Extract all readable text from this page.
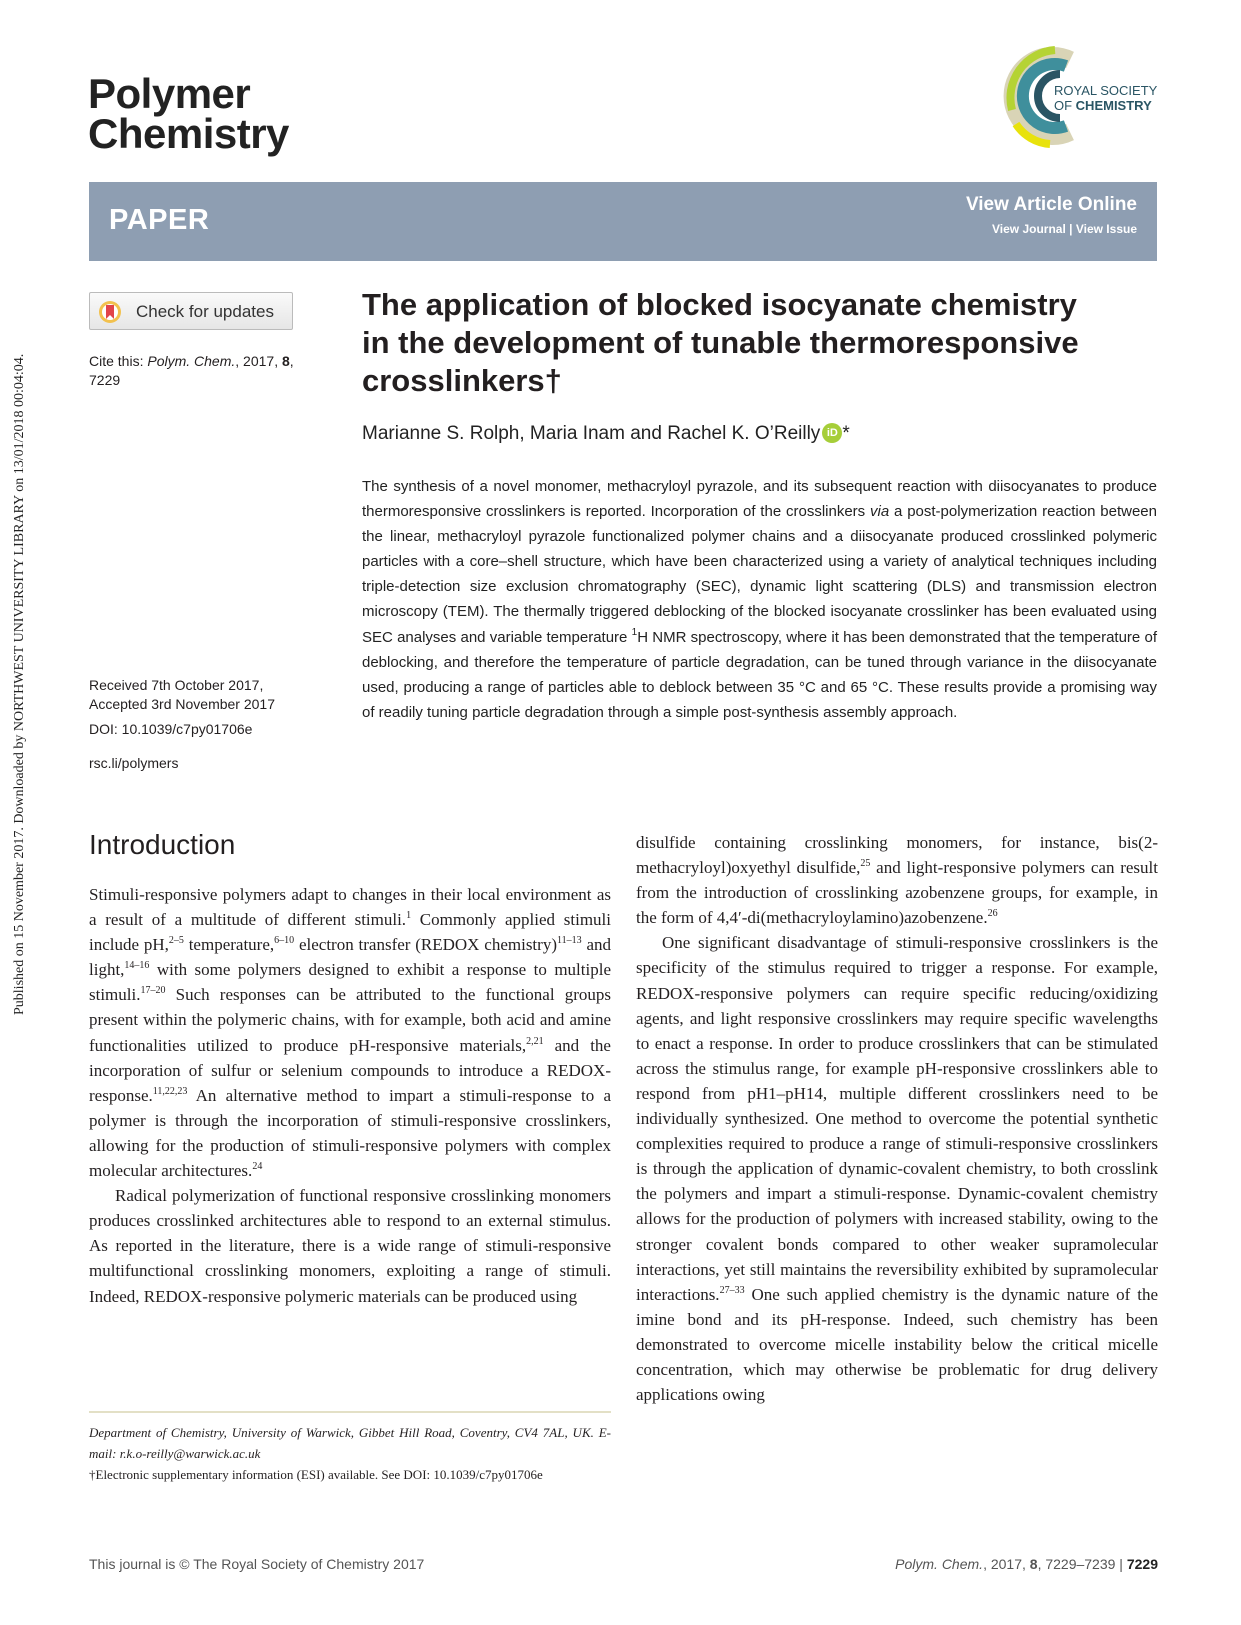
Published on 15 November 2017. Downloaded by NORTHWEST UNIVERSITY LIBRARY on 13/01/2018 00:04:04.
Polymer
Chemistry
ROYAL SOCIETY
OF CHEMISTRY
PAPER	View Article Online
View Journal | View Issue
Check for updates
Cite this: Polym. Chem., 2017, 8,
7229
Received 7th October 2017,
Accepted 3rd November 2017
DOI: 10.1039/c7py01706e
rsc.li/polymers
The application of blocked isocyanate chemistry
in the development of tunable thermoresponsive
crosslinkers†
Marianne S. Rolph, Maria Inam and Rachel K. O’Reilly iD *
The synthesis of a novel monomer, methacryloyl pyrazole, and its subsequent reaction with diisocyanates to produce thermoresponsive crosslinkers is reported. Incorporation of the crosslinkers via a post-polymerization reaction between the linear, methacryloyl pyrazole functionalized polymer chains and a diisocyanate produced crosslinked polymeric particles with a core–shell structure, which have been characterized using a variety of analytical techniques including triple-detection size exclusion chromatography (SEC), dynamic light scattering (DLS) and transmission electron microscopy (TEM). The thermally triggered deblocking of the blocked isocyanate crosslinker has been evaluated using SEC analyses and variable temperature $^1$H NMR spectroscopy, where it has been demonstrated that the temperature of deblocking, and therefore the temperature of particle degradation, can be tuned through variance in the diisocyanate used, producing a range of particles able to deblock between 35 °C and 65 °C. These results provide a promising way of readily tuning particle degradation through a simple post-synthesis assembly approach.
Introduction

Stimuli-responsive polymers adapt to changes in their local environment as a result of a multitude of different stimuli.$^1$ Commonly applied stimuli include pH,$^{2-5}$ temperature,$^{6-10}$ electron transfer (REDOX chemistry)$^{11-13}$ and light,$^{14-16}$ with some polymers designed to exhibit a response to multiple stimuli.$^{17-20}$ Such responses can be attributed to the functional groups present within the polymeric chains, with for example, both acid and amine functionalities utilized to produce pH-responsive materials,$^{2,21}$ and the incorporation of sulfur or selenium compounds to introduce a REDOX-response.$^{11,22,23}$ An alternative method to impart a stimuli-response to a polymer is through the incorporation of stimuli-responsive crosslinkers, allowing for the production of stimuli-responsive polymers with complex molecular architectures.$^{24}$

Radical polymerization of functional responsive crosslinking monomers produces crosslinked architectures able to respond to an external stimulus. As reported in the literature, there is a wide range of stimuli-responsive multifunctional crosslinking monomers, exploiting a range of stimuli. Indeed, REDOX-responsive polymeric materials can be produced using

disulfide containing crosslinking monomers, for instance, bis(2-methacryloyl)oxyethyl disulfide,$^{25}$ and light-responsive polymers can result from the introduction of crosslinking azobenzene groups, for example, in the form of 4,4′-di(methacryloylamino)azobenzene.$^{26}$

One significant disadvantage of stimuli-responsive crosslinkers is the specificity of the stimulus required to trigger a response. For example, REDOX-responsive polymers can require specific reducing/oxidizing agents, and light responsive crosslinkers may require specific wavelengths to enact a response. In order to produce crosslinkers that can be stimulated across the stimulus range, for example pH-responsive crosslinkers able to respond from pH1–pH14, multiple different crosslinkers need to be individually synthesized. One method to overcome the potential synthetic complexities required to produce a range of stimuli-responsive crosslinkers is through the application of dynamic-covalent chemistry, to both crosslink the polymers and impart a stimuli-response. Dynamic-covalent chemistry allows for the production of polymers with increased stability, owing to the stronger covalent bonds compared to other weaker supramolecular interactions, yet still maintains the reversibility exhibited by supramolecular interactions.$^{27-33}$ One such applied chemistry is the dynamic nature of the imine bond and its pH-response. Indeed, such chemistry has been demonstrated to overcome micelle instability below the critical micelle concentration, which may otherwise be problematic for drug delivery applications owing

Department of Chemistry, University of Warwick, Gibbet Hill Road, Coventry, CV4 7AL, UK. E-mail: r.k.o-reilly@warwick.ac.uk

†Electronic supplementary information (ESI) available. See DOI: 10.1039/c7py01706e

This journal is © The Royal Society of Chemistry 2017	Polym. Chem., 2017, 8, 7229–7239 | 7229
